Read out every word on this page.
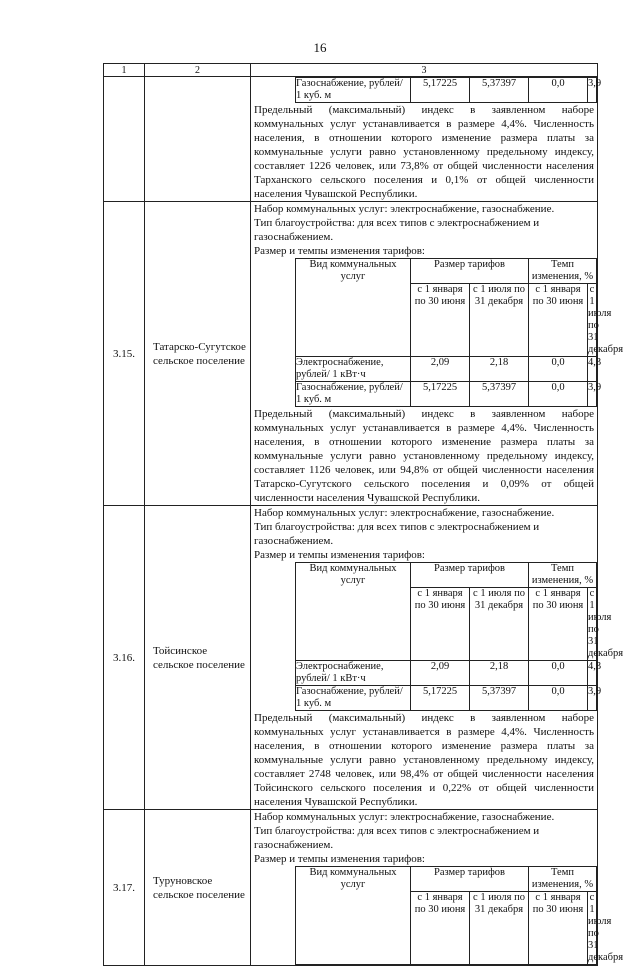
16
1	2	3

Газоснабжение, рублей/ 1 куб. м	5,17225	5,37397	0,0	3,9
Предельный (максимальный) индекс в заявленном наборе коммунальных услуг устанавливается в размере 4,4%. Численность населения, в отношении которого изменение размера платы за коммунальные услуги равно установленному предельному индексу, составляет 1226 человек, или 73,8% от общей численности населения Тарханского сельского поселения и 0,1% от общей численности населения Чувашской Республики.

3.15.	Татарско-Сугутское сельское поселение	
Набор коммунальных услуг: электроснабжение, газоснабжение.
Тип благоустройства: для всех типов с электроснабжением и газоснабжением.
Размер и темпы изменения тарифов:
Вид коммунальных услуг	Размер тарифов	Темп изменения, %
с 1 января по 30 июня	с 1 июля по 31 декабря	с 1 января по 30 июня	с 1 июля по 31 декабря
Электроснабжение, рублей/ 1 кВт·ч	2,09	2,18	0,0	4,3
Газоснабжение, рублей/ 1 куб. м	5,17225	5,37397	0,0	3,9
Предельный (максимальный) индекс в заявленном наборе коммунальных услуг устанавливается в размере 4,4%. Численность населения, в отношении которого изменение размера платы за коммунальные услуги равно установленному предельному индексу, составляет 1126 человек, или 94,8% от общей численности населения Татарско-Сугутского сельского поселения и 0,09% от общей численности населения Чувашской Республики.

3.16.	Тойсинское сельское поселение	
Набор коммунальных услуг: электроснабжение, газоснабжение.
Тип благоустройства: для всех типов с электроснабжением и газоснабжением.
Размер и темпы изменения тарифов:
Вид коммунальных услуг	Размер тарифов	Темп изменения, %
с 1 января по 30 июня	с 1 июля по 31 декабря	с 1 января по 30 июня	с 1 июля по 31 декабря
Электроснабжение, рублей/ 1 кВт·ч	2,09	2,18	0,0	4,3
Газоснабжение, рублей/ 1 куб. м	5,17225	5,37397	0,0	3,9
Предельный (максимальный) индекс в заявленном наборе коммунальных услуг устанавливается в размере 4,4%. Численность населения, в отношении которого изменение размера платы за коммунальные услуги равно установленному предельному индексу, составляет 2748 человек, или 98,4% от общей численности населения Тойсинского сельского поселения и 0,22% от общей численности населения Чувашской Республики.

3.17.	Туруновское сельское поселение	
Набор коммунальных услуг: электроснабжение, газоснабжение.
Тип благоустройства: для всех типов с электроснабжением и газоснабжением.
Размер и темпы изменения тарифов:
Вид коммунальных услуг	Размер тарифов	Темп изменения, %
с 1 января по 30 июня	с 1 июля по 31 декабря	с 1 января по 30 июня	с 1 июля по 31 декабря
